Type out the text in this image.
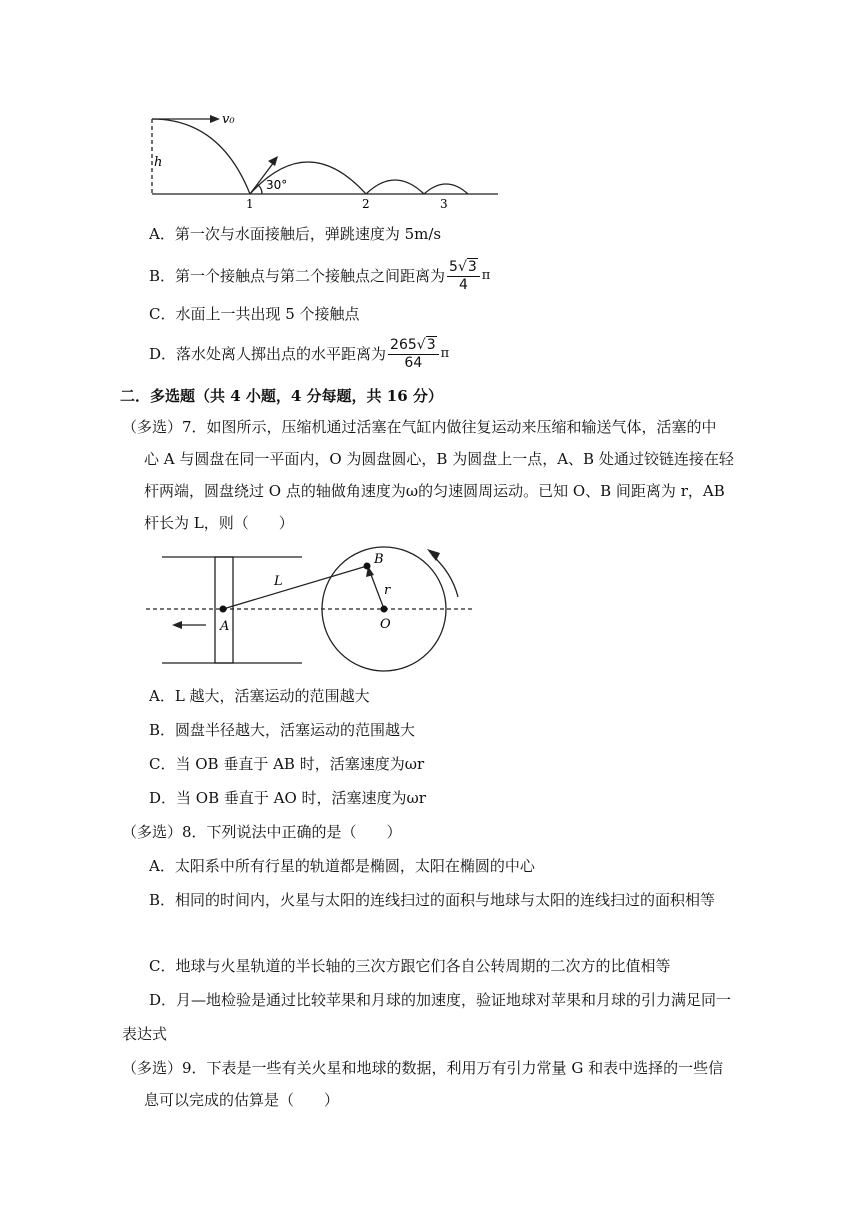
v₀
h
30°
1	2	3
A．第一次与水面接触后，弹跳速度为 5m/s
B．第一个接触点与第二个接触点之间距离为 $\frac{5√3}{4}$ π
C．水面上一共出现 5 个接触点
D．落水处离人掷出点的水平距离为 $\frac{265√3}{64}$ π
二．多选题（共 4 小题，4 分每题，共 16 分）
（多选）7．如图所示，压缩机通过活塞在气缸内做往复运动来压缩和输送气体，活塞的中
心 A 与圆盘在同一平面内，O 为圆盘圆心，B 为圆盘上一点，A、B 处通过铰链连接在轻
杆两端，圆盘绕过 O 点的轴做角速度为ω的匀速圆周运动。已知 O、B 间距离为 r，AB
杆长为 L，则（　　）
L
B
r
A	O
A．L 越大，活塞运动的范围越大
B．圆盘半径越大，活塞运动的范围越大
C．当 OB 垂直于 AB 时，活塞速度为ωr
D．当 OB 垂直于 AO 时，活塞速度为ωr
（多选）8．下列说法中正确的是（　　）
A．太阳系中所有行星的轨道都是椭圆，太阳在椭圆的中心
B．相同的时间内，火星与太阳的连线扫过的面积与地球与太阳的连线扫过的面积相等
C．地球与火星轨道的半长轴的三次方跟它们各自公转周期的二次方的比值相等
D．月—地检验是通过比较苹果和月球的加速度，验证地球对苹果和月球的引力满足同一
表达式
（多选）9．下表是一些有关火星和地球的数据，利用万有引力常量 G 和表中选择的一些信
息可以完成的估算是（　　）
